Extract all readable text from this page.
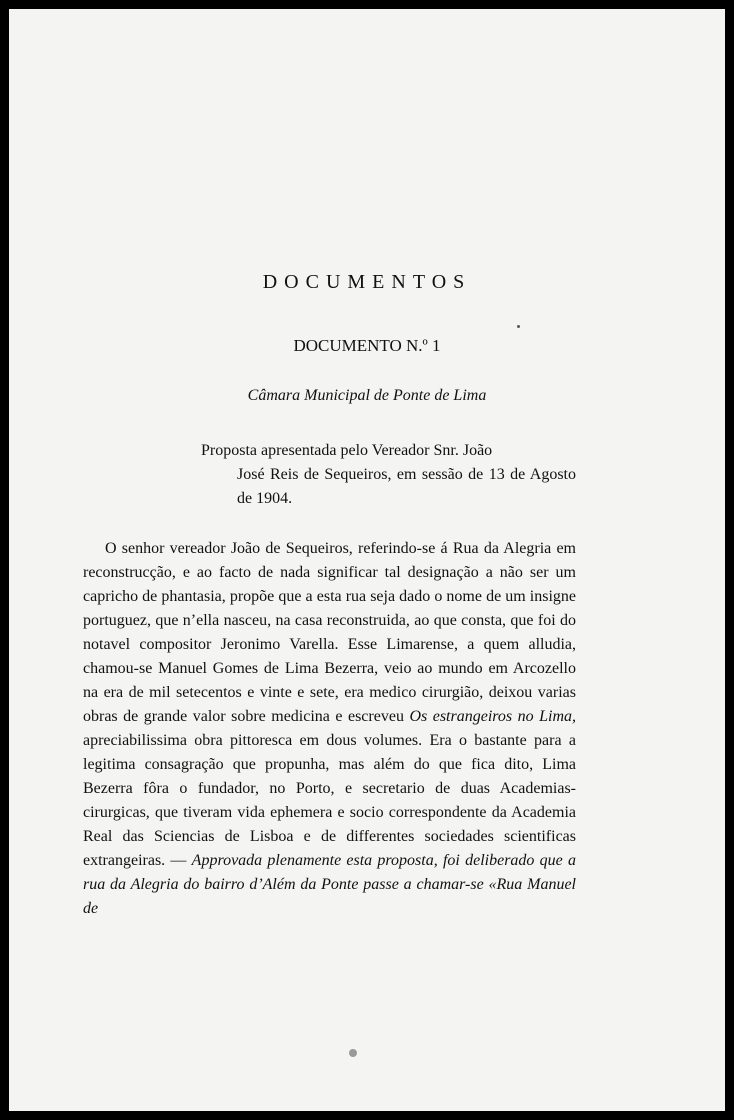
DOCUMENTOS
DOCUMENTO N.º 1
Câmara Municipal de Ponte de Lima
Proposta apresentada pelo Vereador Snr. João
José Reis de Sequeiros, em sessão de 13 de Agosto de 1904.
O senhor vereador João de Sequeiros, referindo-se á Rua da Alegria em reconstrucção, e ao facto de nada significar tal designação a não ser um capricho de phantasia, propõe que a esta rua seja dado o nome de um insigne portuguez, que n’ella nasceu, na casa reconstruida, ao que consta, que foi do notavel compositor Jeronimo Varella. Esse Limarense, a quem alludia, chamou-se Manuel Gomes de Lima Bezerra, veio ao mundo em Arcozello na era de mil setecentos e vinte e sete, era medico cirurgião, deixou varias obras de grande valor sobre medicina e escreveu Os estrangeiros no Lima, apreciabilissima obra pittoresca em dous volumes. Era o bastante para a legitima consagração que propunha, mas além do que fica dito, Lima Bezerra fôra o fundador, no Porto, e secretario de duas Academias-cirurgicas, que tiveram vida ephemera e socio correspondente da Academia Real das Sciencias de Lisboa e de differentes sociedades scientificas extrangeiras. — Approvada plenamente esta proposta, foi deliberado que a rua da Alegria do bairro d’Além da Ponte passe a chamar-se «Rua Manuel de
